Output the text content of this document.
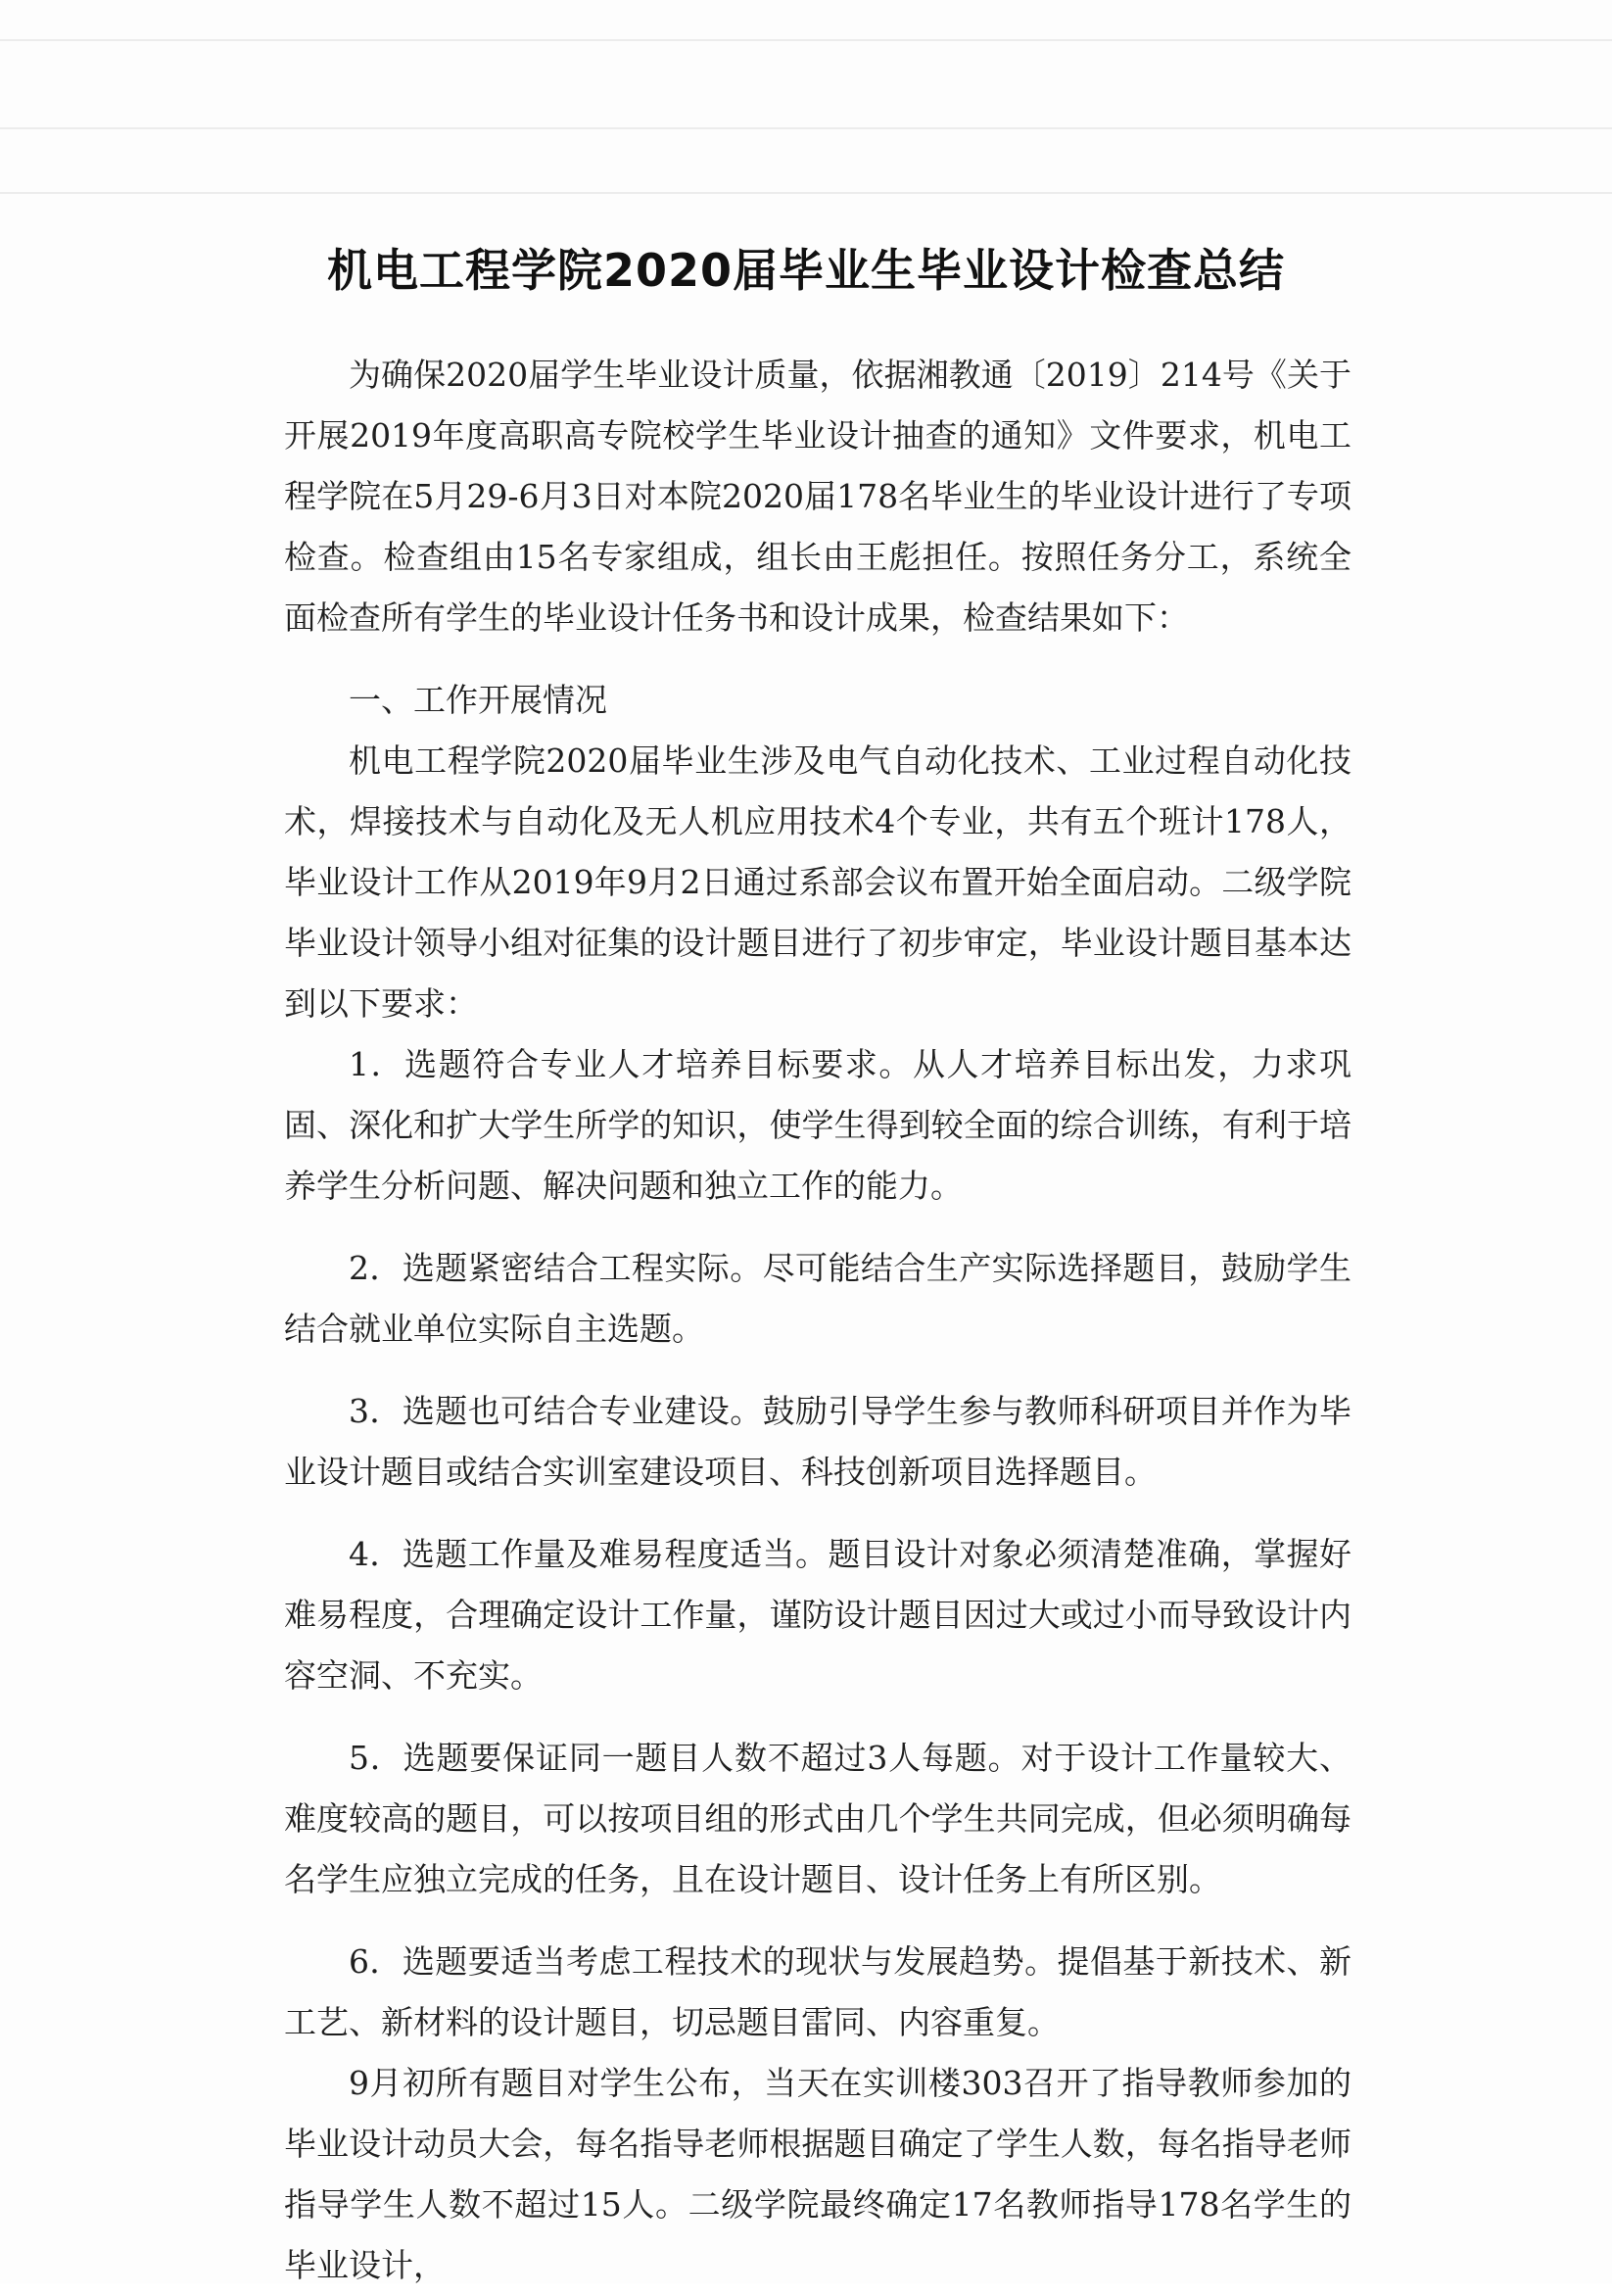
机电工程学院2020届毕业生毕业设计检查总结

为确保2020届学生毕业设计质量，依据湘教通〔2019〕214号《关于开展2019年度高职高专院校学生毕业设计抽查的通知》文件要求，机电工程学院在5月29-6月3日对本院2020届178名毕业生的毕业设计进行了专项检查。检查组由15名专家组成，组长由王彪担任。按照任务分工，系统全面检查所有学生的毕业设计任务书和设计成果，检查结果如下：

一、工作开展情况

机电工程学院2020届毕业生涉及电气自动化技术、工业过程自动化技术，焊接技术与自动化及无人机应用技术4个专业，共有五个班计178人，毕业设计工作从2019年9月2日通过系部会议布置开始全面启动。二级学院毕业设计领导小组对征集的设计题目进行了初步审定，毕业设计题目基本达到以下要求：

1．选题符合专业人才培养目标要求。从人才培养目标出发，力求巩固、深化和扩大学生所学的知识，使学生得到较全面的综合训练，有利于培养学生分析问题、解决问题和独立工作的能力。

2．选题紧密结合工程实际。尽可能结合生产实际选择题目，鼓励学生结合就业单位实际自主选题。

3．选题也可结合专业建设。鼓励引导学生参与教师科研项目并作为毕业设计题目或结合实训室建设项目、科技创新项目选择题目。

4．选题工作量及难易程度适当。题目设计对象必须清楚准确，掌握好难易程度，合理确定设计工作量，谨防设计题目因过大或过小而导致设计内容空洞、不充实。

5．选题要保证同一题目人数不超过3人每题。对于设计工作量较大、难度较高的题目，可以按项目组的形式由几个学生共同完成，但必须明确每名学生应独立完成的任务，且在设计题目、设计任务上有所区别。

6．选题要适当考虑工程技术的现状与发展趋势。提倡基于新技术、新工艺、新材料的设计题目，切忌题目雷同、内容重复。

9月初所有题目对学生公布，当天在实训楼303召开了指导教师参加的毕业设计动员大会，每名指导老师根据题目确定了学生人数，每名指导老师指导学生人数不超过15人。二级学院最终确定17名教师指导178名学生的毕业设计，
